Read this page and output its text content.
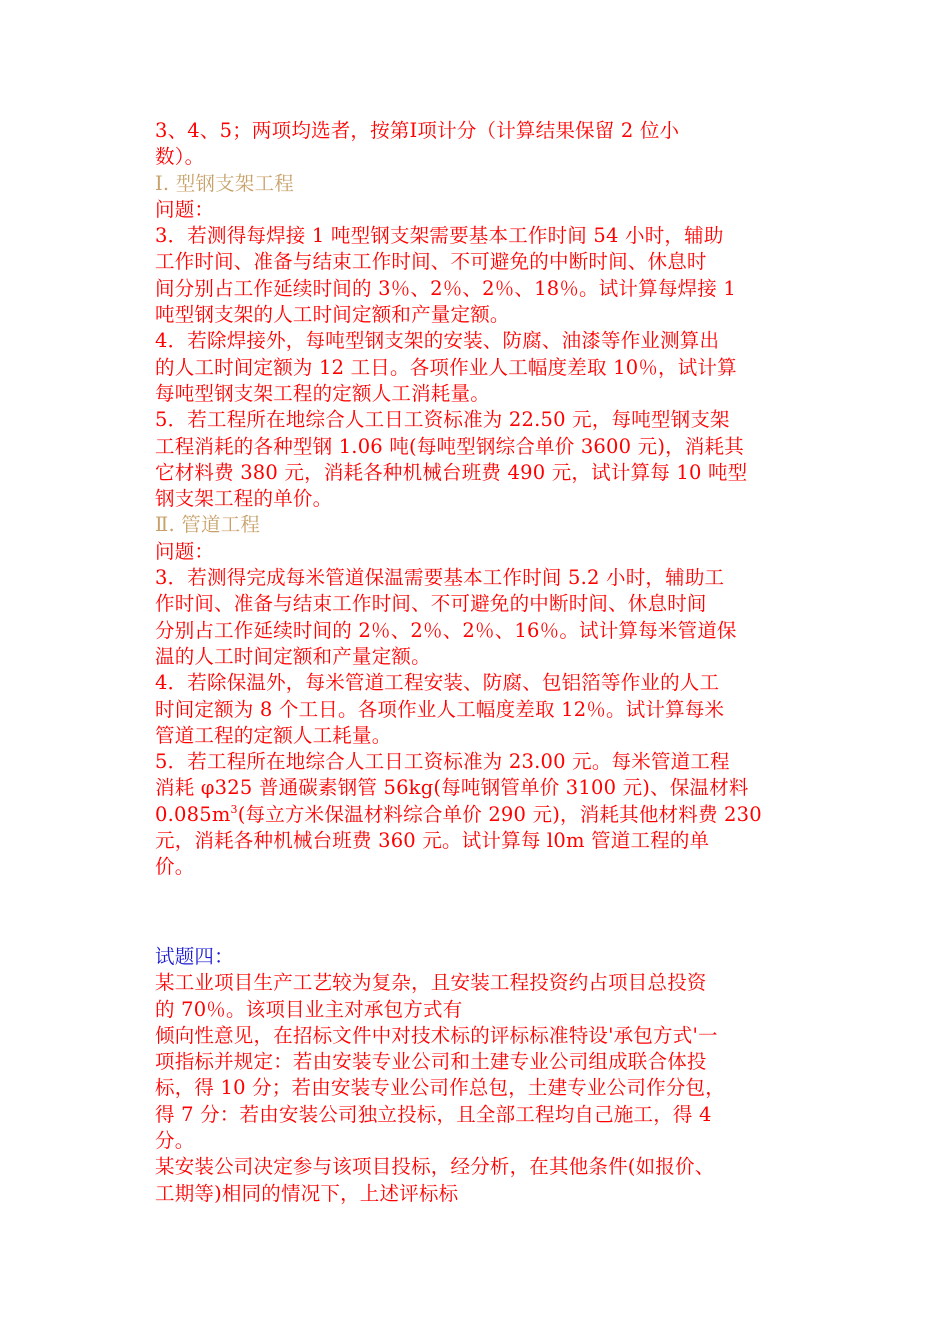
3、4、5；两项均选者，按第Ⅰ项计分（计算结果保留 2 位小
数）。
I. 型钢支架工程
问题：
3．若测得每焊接 1 吨型钢支架需要基本工作时间 54 小时，辅助
工作时间、准备与结束工作时间、不可避免的中断时间、休息时
间分别占工作延续时间的 3％、2％、2％、18％。试计算每焊接 1
吨型钢支架的人工时间定额和产量定额。
4．若除焊接外，每吨型钢支架的安装、防腐、油漆等作业测算出
的人工时间定额为 12 工日。各项作业人工幅度差取 10％，试计算
每吨型钢支架工程的定额人工消耗量。
5．若工程所在地综合人工日工资标准为 22.50 元，每吨型钢支架
工程消耗的各种型钢 1.06 吨(每吨型钢综合单价 3600 元)，消耗其
它材料费 380 元，消耗各种机械台班费 490 元，试计算每 10 吨型
钢支架工程的单价。
Ⅱ. 管道工程
问题：
3．若测得完成每米管道保温需要基本工作时间 5.2 小时，辅助工
作时间、准备与结束工作时间、不可避免的中断时间、休息时间
分别占工作延续时间的 2％、2％、2％、16％。试计算每米管道保
温的人工时间定额和产量定额。
4．若除保温外，每米管道工程安装、防腐、包铝箔等作业的人工
时间定额为 8 个工日。各项作业人工幅度差取 12％。试计算每米
管道工程的定额人工耗量。
5．若工程所在地综合人工日工资标准为 23.00 元。每米管道工程
消耗 φ325 普通碳素钢管 56kg(每吨钢管单价 3100 元)、保温材料
$0.085m^3$(每立方米保温材料综合单价 290 元)，消耗其他材料费 230
元，消耗各种机械台班费 360 元。试计算每 l0m 管道工程的单
价。
试题四：
某工业项目生产工艺较为复杂，且安装工程投资约占项目总投资
的 70％。该项目业主对承包方式有
倾向性意见，在招标文件中对技术标的评标标准特设'承包方式'一
项指标并规定：若由安装专业公司和土建专业公司组成联合体投
标，得 10 分；若由安装专业公司作总包，土建专业公司作分包，
得 7 分：若由安装公司独立投标，且全部工程均自己施工，得 4
分。
某安装公司决定参与该项目投标，经分析，在其他条件(如报价、
工期等)相同的情况下，上述评标标
